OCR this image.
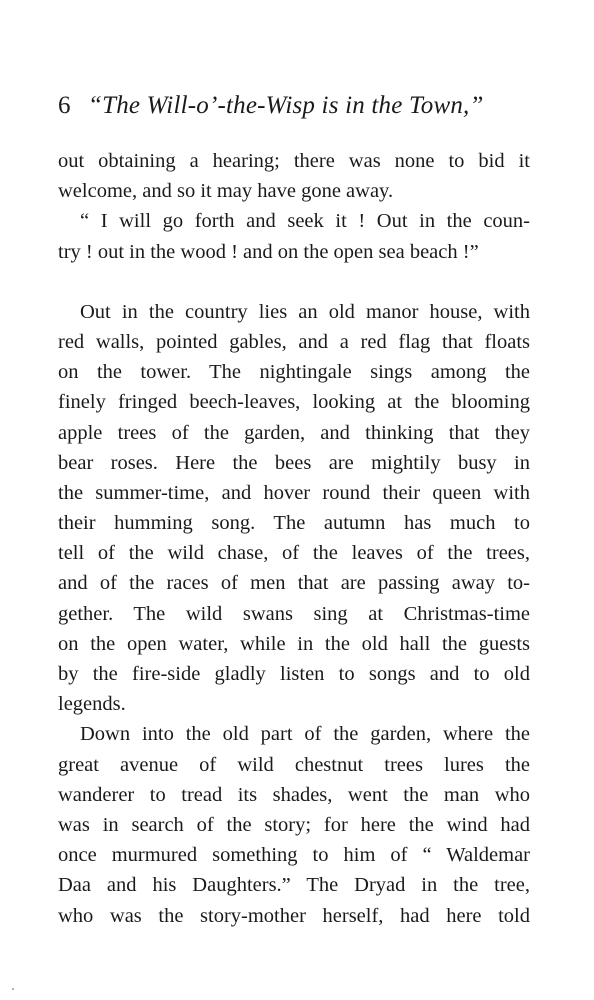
6 “The Will-o’-the-Wisp is in the Town,”
out obtaining a hearing; there was none to bid it
welcome, and so it may have gone away.
“ I will go forth and seek it ! Out in the coun-
try ! out in the wood ! and on the open sea beach !”
Out in the country lies an old manor house, with
red walls, pointed gables, and a red flag that floats
on the tower. The nightingale sings among the
finely fringed beech-leaves, looking at the blooming
apple trees of the garden, and thinking that they
bear roses. Here the bees are mightily busy in
the summer-time, and hover round their queen with
their humming song. The autumn has much to
tell of the wild chase, of the leaves of the trees,
and of the races of men that are passing away to-
gether. The wild swans sing at Christmas-time
on the open water, while in the old hall the guests
by the fire-side gladly listen to songs and to old
legends.
Down into the old part of the garden, where the
great avenue of wild chestnut trees lures the
wanderer to tread its shades, went the man who
was in search of the story; for here the wind had
once murmured something to him of “ Waldemar
Daa and his Daughters.” The Dryad in the tree,
who was the story-mother herself, had here told
